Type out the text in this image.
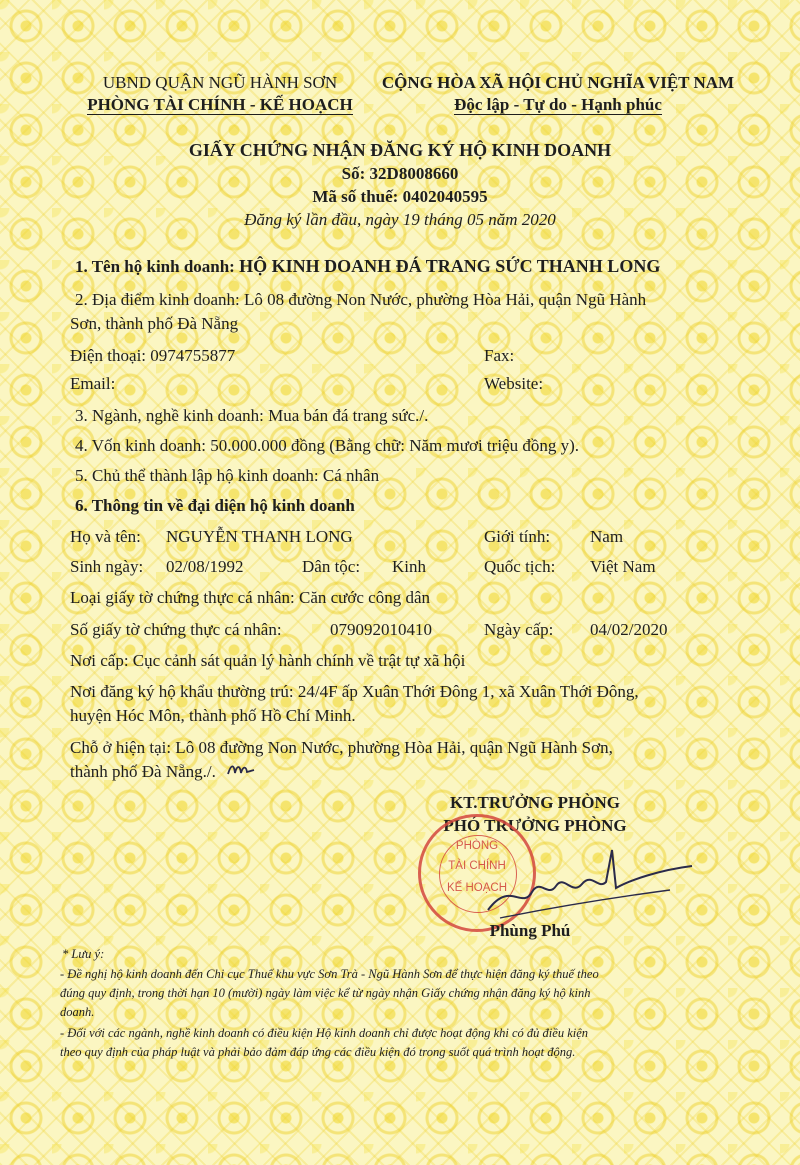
UBND QUẬN NGŨ HÀNH SƠN
PHÒNG TÀI CHÍNH - KẾ HOẠCH
CỘNG HÒA XÃ HỘI CHỦ NGHĨA VIỆT NAM
Độc lập - Tự do - Hạnh phúc
GIẤY CHỨNG NHẬN ĐĂNG KÝ HỘ KINH DOANH
Số: 32D8008660
Mã số thuế: 0402040595
Đăng ký lần đầu, ngày 19 tháng 05 năm 2020
1. Tên hộ kinh doanh: HỘ KINH DOANH ĐÁ TRANG SỨC THANH LONG
2. Địa điểm kinh doanh: Lô 08 đường Non Nước, phường Hòa Hải, quận Ngũ Hành
Sơn, thành phố Đà Nẵng
Điện thoại: 0974755877	Fax:
Email:	Website:
3. Ngành, nghề kinh doanh: Mua bán đá trang sức./.
4. Vốn kinh doanh: 50.000.000 đồng (Bằng chữ: Năm mươi triệu đồng y).
5. Chủ thể thành lập hộ kinh doanh: Cá nhân
6. Thông tin về đại diện hộ kinh doanh
Họ và tên: NGUYỄN THANH LONG	Giới tính: Nam
Sinh ngày: 02/08/1992	Dân tộc: Kinh	Quốc tịch: Việt Nam
Loại giấy tờ chứng thực cá nhân: Căn cước công dân
Số giấy tờ chứng thực cá nhân:	079092010410	Ngày cấp: 04/02/2020
Nơi cấp: Cục cảnh sát quản lý hành chính về trật tự xã hội
Nơi đăng ký hộ khẩu thường trú: 24/4F ấp Xuân Thới Đông 1, xã Xuân Thới Đông,
huyện Hóc Môn, thành phố Hồ Chí Minh.
Chỗ ở hiện tại: Lô 08 đường Non Nước, phường Hòa Hải, quận Ngũ Hành Sơn,
thành phố Đà Nẵng./.
KT.TRƯỞNG PHÒNG
PHÓ TRƯỞNG PHÒNG
PHÒNG
TÀI CHÍNH
KẾ HOẠCH
Phùng Phú
* Lưu ý:
- Đề nghị hộ kinh doanh đến Chi cục Thuế khu vực Sơn Trà - Ngũ Hành Sơn để thực hiện đăng ký thuế theo
đúng quy định, trong thời hạn 10 (mười) ngày làm việc kể từ ngày nhận Giấy chứng nhận đăng ký hộ kinh
doanh.
- Đối với các ngành, nghề kinh doanh có điều kiện Hộ kinh doanh chỉ được hoạt động khi có đủ điều kiện
theo quy định của pháp luật và phải bảo đảm đáp ứng các điều kiện đó trong suốt quá trình hoạt động.
